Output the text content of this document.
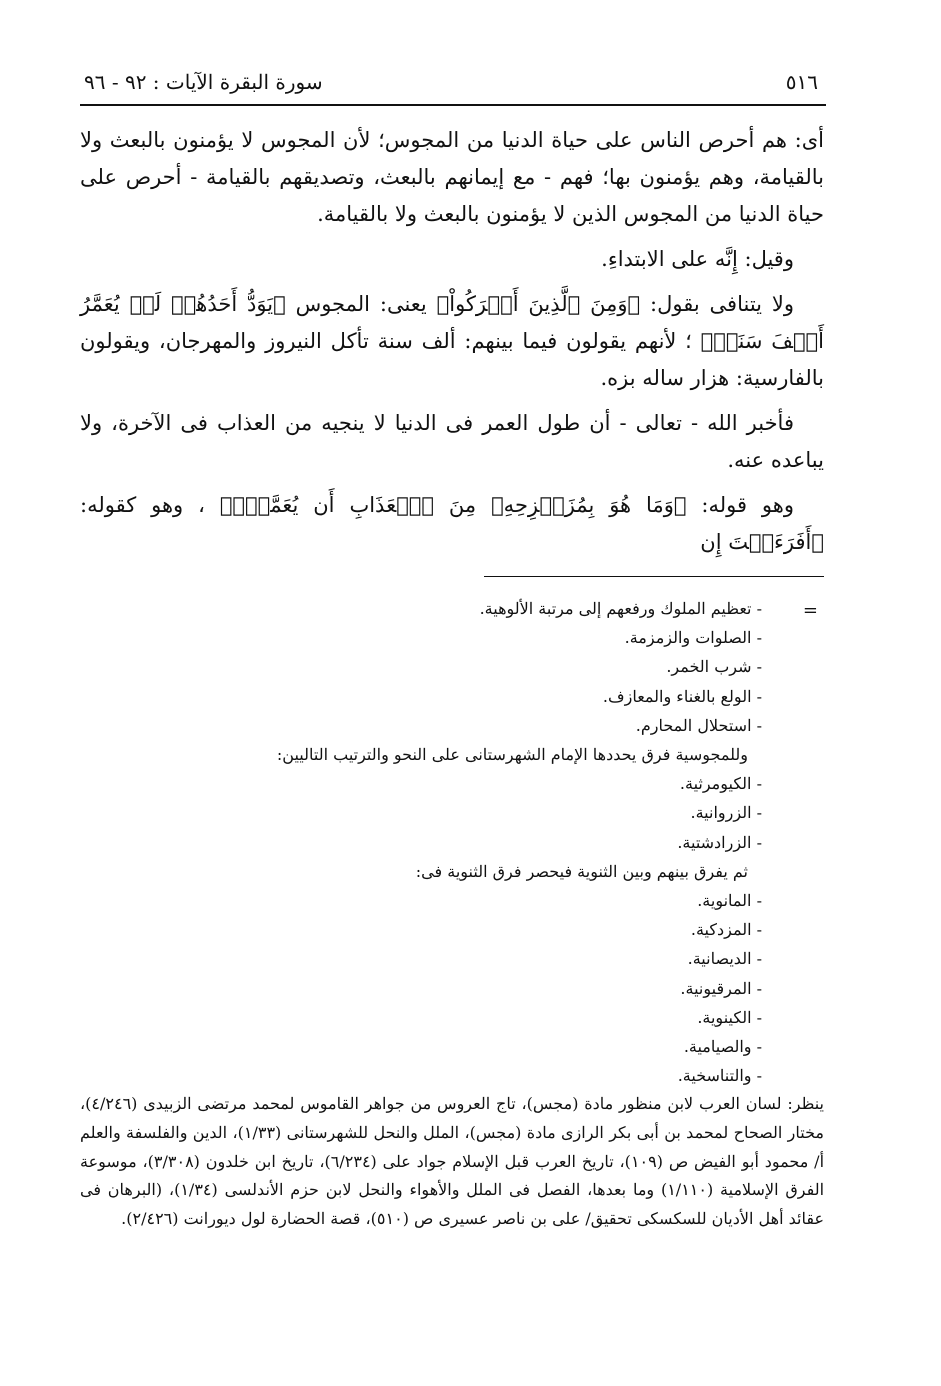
٥١٦
سورة البقرة الآيات : ٩٢ - ٩٦

أى: هم أحرص الناس على حياة الدنيا من المجوس؛ لأن المجوس لا يؤمنون بالبعث ولا بالقيامة، وهم يؤمنون بها؛ فهم - مع إيمانهم بالبعث، وتصديقهم بالقيامة - أحرص على حياة الدنيا من المجوس الذين لا يؤمنون بالبعث ولا بالقيامة.

وقيل: إِنَّه على الابتداءِ.

ولا يتنافى بقول: ﴿وَمِنَ ٱلَّذِينَ أَشۡرَكُواْ﴾ يعنى: المجوس ﴿يَوَدُّ أَحَدُهُمۡ لَوۡ يُعَمَّرُ أَلۡفَ سَنَةٖ﴾ ؛ لأنهم يقولون فيما بينهم: ألف سنة تأكل النيروز والمهرجان، ويقولون بالفارسية: هزار ساله بزه.

فأخبر الله - تعالى - أن طول العمر فى الدنيا لا ينجيه من العذاب فى الآخرة، ولا يباعده عنه.

وهو قوله: ﴿وَمَا هُوَ بِمُزَحۡزِحِهِۦ مِنَ ٱلۡعَذَابِ أَن يُعَمَّرَۗ﴾ ، وهو كقوله: ﴿أَفَرَءَيۡتَ إِن

=
- تعظيم الملوك ورفعهم إلى مرتبة الألوهية.
- الصلوات والزمزمة.
- شرب الخمر.
- الولع بالغناء والمعازف.
- استحلال المحارم.
وللمجوسية فرق يحددها الإمام الشهرستانى على النحو والترتيب التاليين:
- الكيومرثية.
- الزروانية.
- الزرادشتية.
ثم يفرق بينهم وبين الثنوية فيحصر فرق الثنوية فى:
- المانوية.
- المزدكية.
- الديصانية.
- المرقيونية.
- الكينوية.
- والصيامية.
- والتناسخية.

ينظر: لسان العرب لابن منظور مادة (مجس)، تاج العروس من جواهر القاموس لمحمد مرتضى الزبيدى (٤/٢٤٦)، مختار الصحاح لمحمد بن أبى بكر الرازى مادة (مجس)، الملل والنحل للشهرستانى (١/٣٣)، الدين والفلسفة والعلم أ/ محمود أبو الفيض ص (١٠٩)، تاريخ العرب قبل الإسلام جواد على (٦/٢٣٤)، تاريخ ابن خلدون (٣/٣٠٨)، موسوعة الفرق الإسلامية (١/١١٠) وما بعدها، الفصل فى الملل والأهواء والنحل لابن حزم الأندلسى (١/٣٤)، (البرهان فى عقائد أهل الأديان للسكسكى تحقيق/ على بن ناصر عسيرى ص (٥١٠)، قصة الحضارة لول ديورانت (٢/٤٢٦).
